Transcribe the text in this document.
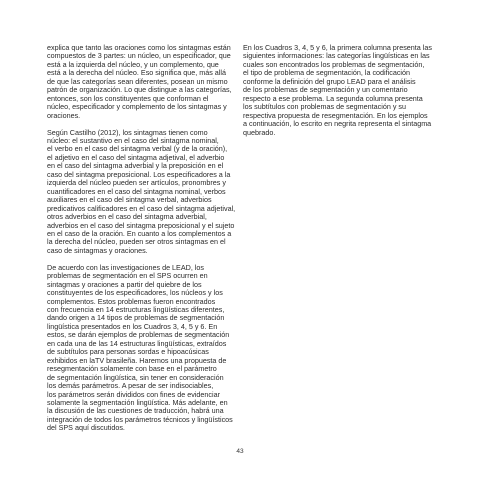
explica que tanto las oraciones como los sintagmas están
compuestos de 3 partes: un núcleo, un especificador, que
está a la izquierda del núcleo, y un complemento, que
está a la derecha del núcleo. Eso significa que, más allá
de que las categorías sean diferentes, posean un mismo
patrón de organización. Lo que distingue a las categorías,
entonces, son los constituyentes que conforman el
núcleo, especificador y complemento de los sintagmas y
oraciones.

Según Castilho (2012), los sintagmas tienen como
núcleo: el sustantivo en el caso del sintagma nominal,
el verbo en el caso del sintagma verbal (y de la oración),
el adjetivo en el caso del sintagma adjetival, el adverbio
en el caso del sintagma adverbial y la preposición en el
caso del sintagma preposicional. Los especificadores a la
izquierda del núcleo pueden ser artículos, pronombres y
cuantificadores en el caso del sintagma nominal, verbos
auxiliares en el caso del sintagma verbal, adverbios
predicativos calificadores en el caso del sintagma adjetival,
otros adverbios en el caso del sintagma adverbial,
adverbios en el caso del sintagma preposicional y el sujeto
en el caso de la oración. En cuanto a los complementos a
la derecha del núcleo, pueden ser otros sintagmas en el
caso de sintagmas y oraciones.

De acuerdo con las investigaciones de LEAD, los
problemas de segmentación en el SPS ocurren en
sintagmas y oraciones a partir del quiebre de los
constituyentes de los especificadores, los núcleos y los
complementos. Estos problemas fueron encontrados
con frecuencia en 14 estructuras lingüísticas diferentes,
dando origen a 14 tipos de problemas de segmentación
lingüística presentados en los Cuadros 3, 4, 5 y 6. En
estos, se darán ejemplos de problemas de segmentación
en cada una de las 14 estructuras lingüísticas, extraídos
de subtítulos para personas sordas e hipoacúsicas
exhibidos en laTV brasileña. Haremos una propuesta de
resegmentación solamente con base en el parámetro
de segmentación lingüística, sin tener en consideración
los demás parámetros. A pesar de ser indisociables,
los parámetros serán divididos con fines de evidenciar
solamente la segmentación lingüística. Más adelante, en
la discusión de las cuestiones de traducción, habrá una
integración de todos los parámetros técnicos y lingüísticos
del SPS aquí discutidos.

En los Cuadros 3, 4, 5 y 6, la primera columna presenta las
siguientes informaciones: las categorías lingüísticas en las
cuales son encontrados los problemas de segmentación,
el tipo de problema de segmentación, la codificación
conforme la definición del grupo LEAD para el análisis
de los problemas de segmentación y un comentario
respecto a ese problema. La segunda columna presenta
los subtítulos con problemas de segmentación y su
respectiva propuesta de resegmentación. En los ejemplos
a continuación, lo escrito en negrita representa el sintagma
quebrado.

43
